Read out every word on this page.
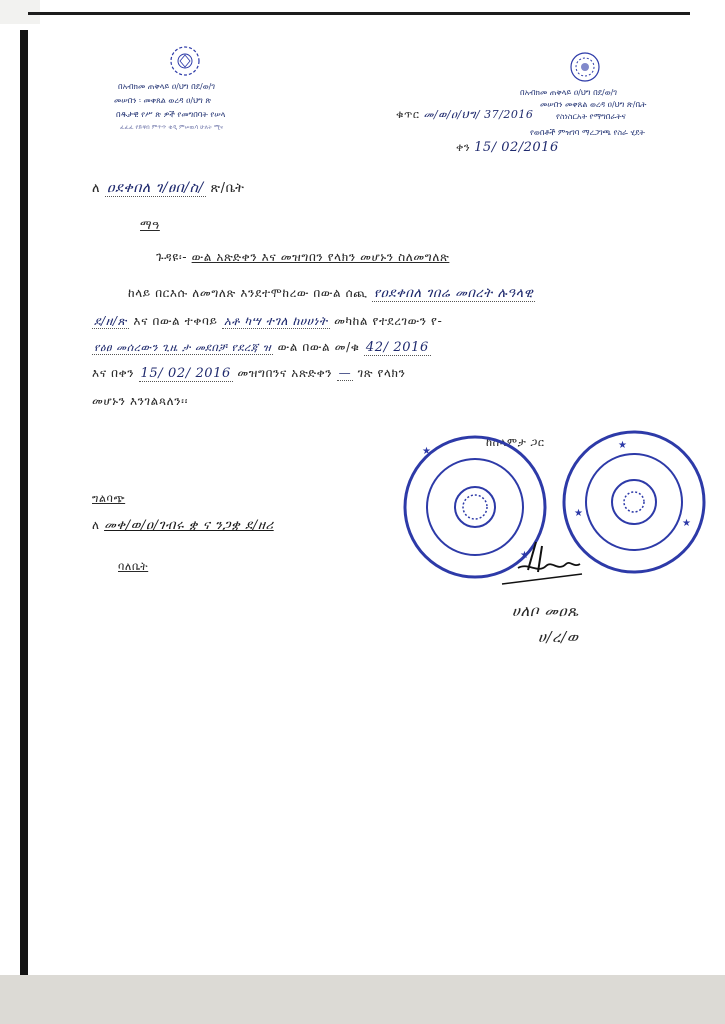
በአብክመ ጠቅላይ ዐ/ህግ በደ/ወ/ገ
መሠበን ፡ መቀጸል ወረዳ ዐ/ህግ ጽ
በዱታዊ የሥ ጽ ዎች የመግበባት የሠላ
ፈፈፈ የድዋበ ምጥጥ ቁዲ ምሠዉሳ ሁለት ሚና
በአብክመ ጠቅላይ ዐ/ህግ በደ/ወ/ገ
መሠበን መቀጸል ወረዳ ዐ/ህግ ጽ/ቤት
የስነስርአት የማግበራትና
የወበቶች ምዝገባ ማረጋገጫ የስራ ሂደት
ቁጥር መ/ወ/ዐ/ህግ/ 37/2016
ቀን 15/ 02/2016
ለ ዐደቀበለ ገ/ፀበ/ስ/ ጽ/ቤት
ማዓ
ጉዳዩ፡- ውል አጽድቀን እና መዝግበን የላክን መሆኑን ስለመግለጽ
ከላይ በርእሱ ለመግለጽ እንደተሞከረው በውል ሰጪ የዐደቀበለ ገበሬ መበረት ሉዓላዊ
ደ/ዘ/ጽ እና በውል ተቀባይ አቶ ካሣ ተገለ ከሀሀነት መካከል የተደረገውን የ-
የዕፀ መሰረውን ጊዜ ታ መደበቻ የደረጃ ዝ ውል በውል መ/ቁ 42/ 2016
እና በቀን 15/ 02/ 2016 መዝግበንና አጽድቀን — ገጽ የላክን
መሆኑን እንገልጻለን፡፡
ከሰላምታ ጋር
★
★
★
★
★
ሀለቦ መዐጼ
ሀ/ረ/ወ
ግልባጭ
ለ መቀ/ወ/ዐ/ገብሩ ቋ ና ንጋቋ ደ/ዘሪ
ባለቤት
